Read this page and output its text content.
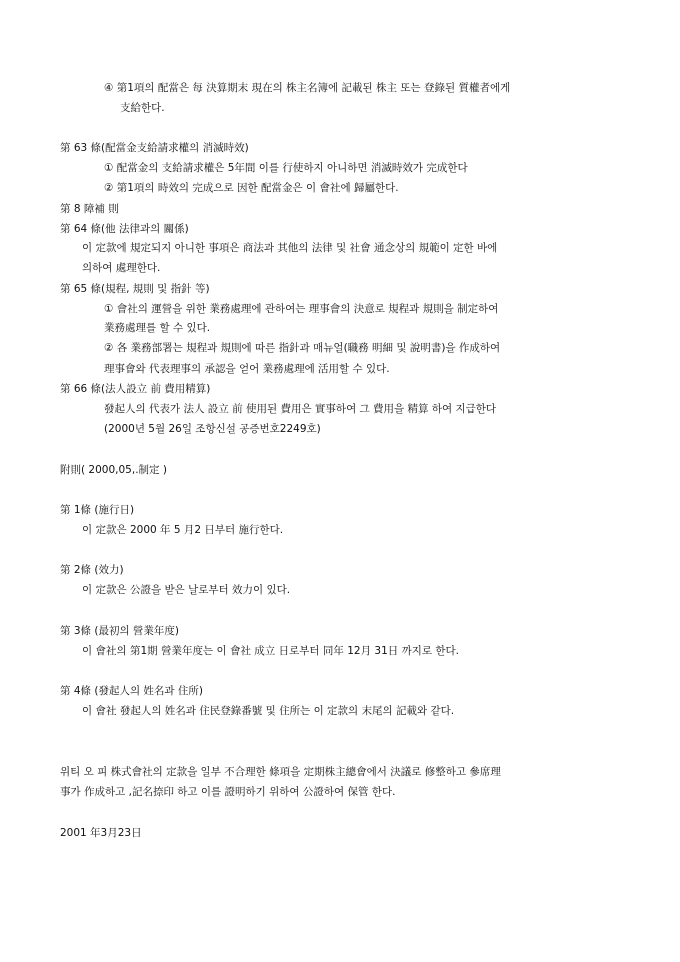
④ 第1項의 配當은 每 決算期末 現在의 株主名簿에 記載된 株主 또는 登錄된 質權者에게
支給한다.
第 63 條(配當金支給請求權의 消滅時效)
① 配當金의 支給請求權은 5年間 이를 行使하지 아니하면 消滅時效가 完成한다
② 第1項의 時效의 完成으로 因한 配當金은 이 會社에 歸屬한다.
第 8 障補 則
第 64 條(他 法律과의 關係)
이 定款에 規定되지 아니한 事項은 商法과 其他의 法律 및 社會 通念상의 規範이 定한 바에
의하여 處理한다.
第 65 條(規程, 規則 및 指針 等)
① 會社의 運營을 위한 業務處理에 관하여는 理事會의 決意로 規程과 規則을 制定하여
業務處理를 할 수 있다.
② 各 業務部署는 規程과 規則에 따른 指針과 매뉴얼(職務 明細 및 說明書)을 作成하여
理事會와 代表理事의 承認을 얻어 業務處理에 活用할 수 있다.
第 66 條(法人設立 前 費用精算)
發起人의 代表가 法人 設立 前 使用된 費用은 實事하여 그 費用을 精算 하여 지급한다
(2000년 5월 26일 조항신설 공증번호2249호)
附則( 2000,05,.制定 )
第 1條 (施行日)
이 定款은 2000 年 5 月2 日부터 施行한다.
第 2條 (效力)
이 定款은 公證을 받은 날로부터 效力이 있다.
第 3條 (最初의 營業年度)
이 會社의 第1期 營業年度는 이 會社 成立 日로부터 同年 12月 31日 까지로 한다.
第 4條 (發起人의 姓名과 住所)
이 會社 發起人의 姓名과 住民登錄番號 및 住所는 이 定款의 末尾의 記載와 같다.
위티 오 피 株式會社의 定款을 일부 不合理한 條項을 定期株主總會에서 決議로 修整하고 參席理
事가 作成하고 ,記名捺印 하고 이를 證明하기 위하여 公證하여 保管 한다.
2001 年3月23日
